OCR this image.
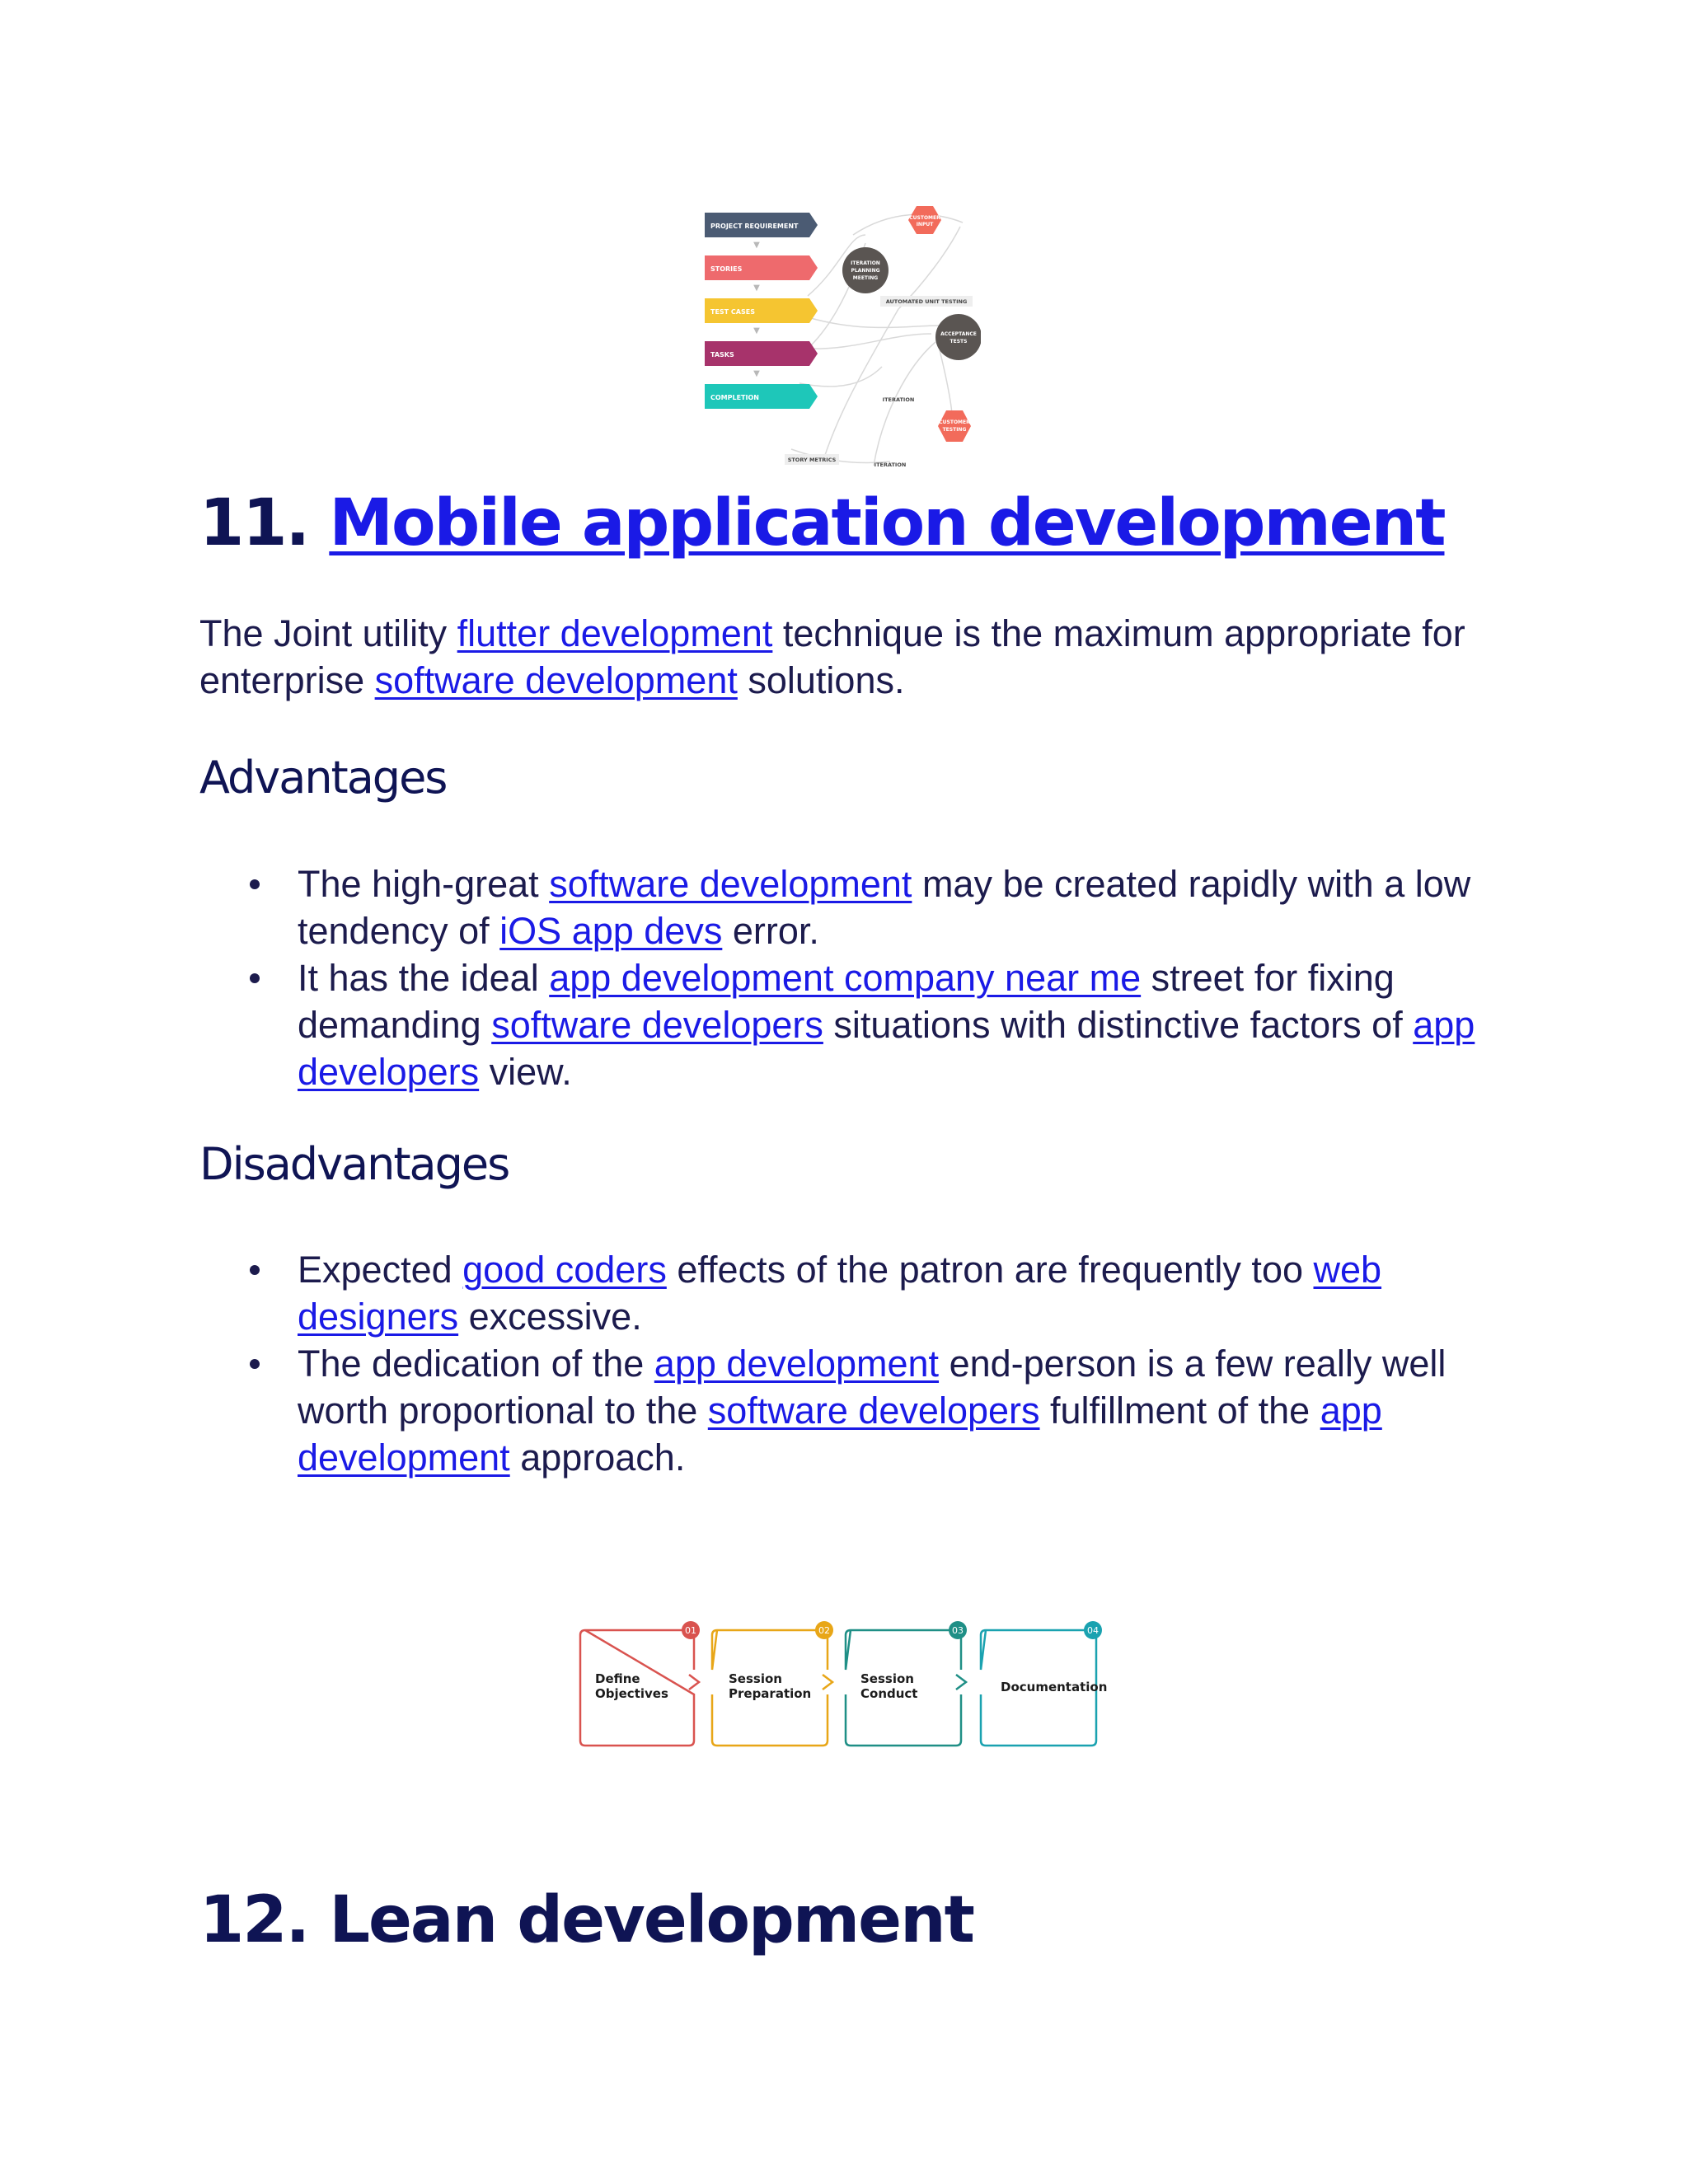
PROJECT REQUIREMENT
▼
STORIES
▼
TEST CASES
▼
TASKS
▼
COMPLETION
CUSTOMER
INPUT
ITERATION
PLANNING
MEETING
AUTOMATED UNIT TESTING
ACCEPTANCE
TESTS
ITERATION
CUSTOMER
TESTING
STORY METRICS
ITERATION
11. Mobile application development

The Joint utility flutter development technique is the maximum appropriate for enterprise software development solutions.

Advantages
The high-great software development may be created rapidly with a low tendency of iOS app devs error.
It has the ideal app development company near me street for fixing demanding software developers situations with distinctive factors of app developers view.
Disadvantages
Expected good coders effects of the patron are frequently too web designers excessive.
The dedication of the app development end-person is a few really well worth proportional to the software developers fulfillment of the app development approach.
01
Define
Objectives
02
Session
Preparation
03
Session
Conduct
04
Documentation
12. Lean development
